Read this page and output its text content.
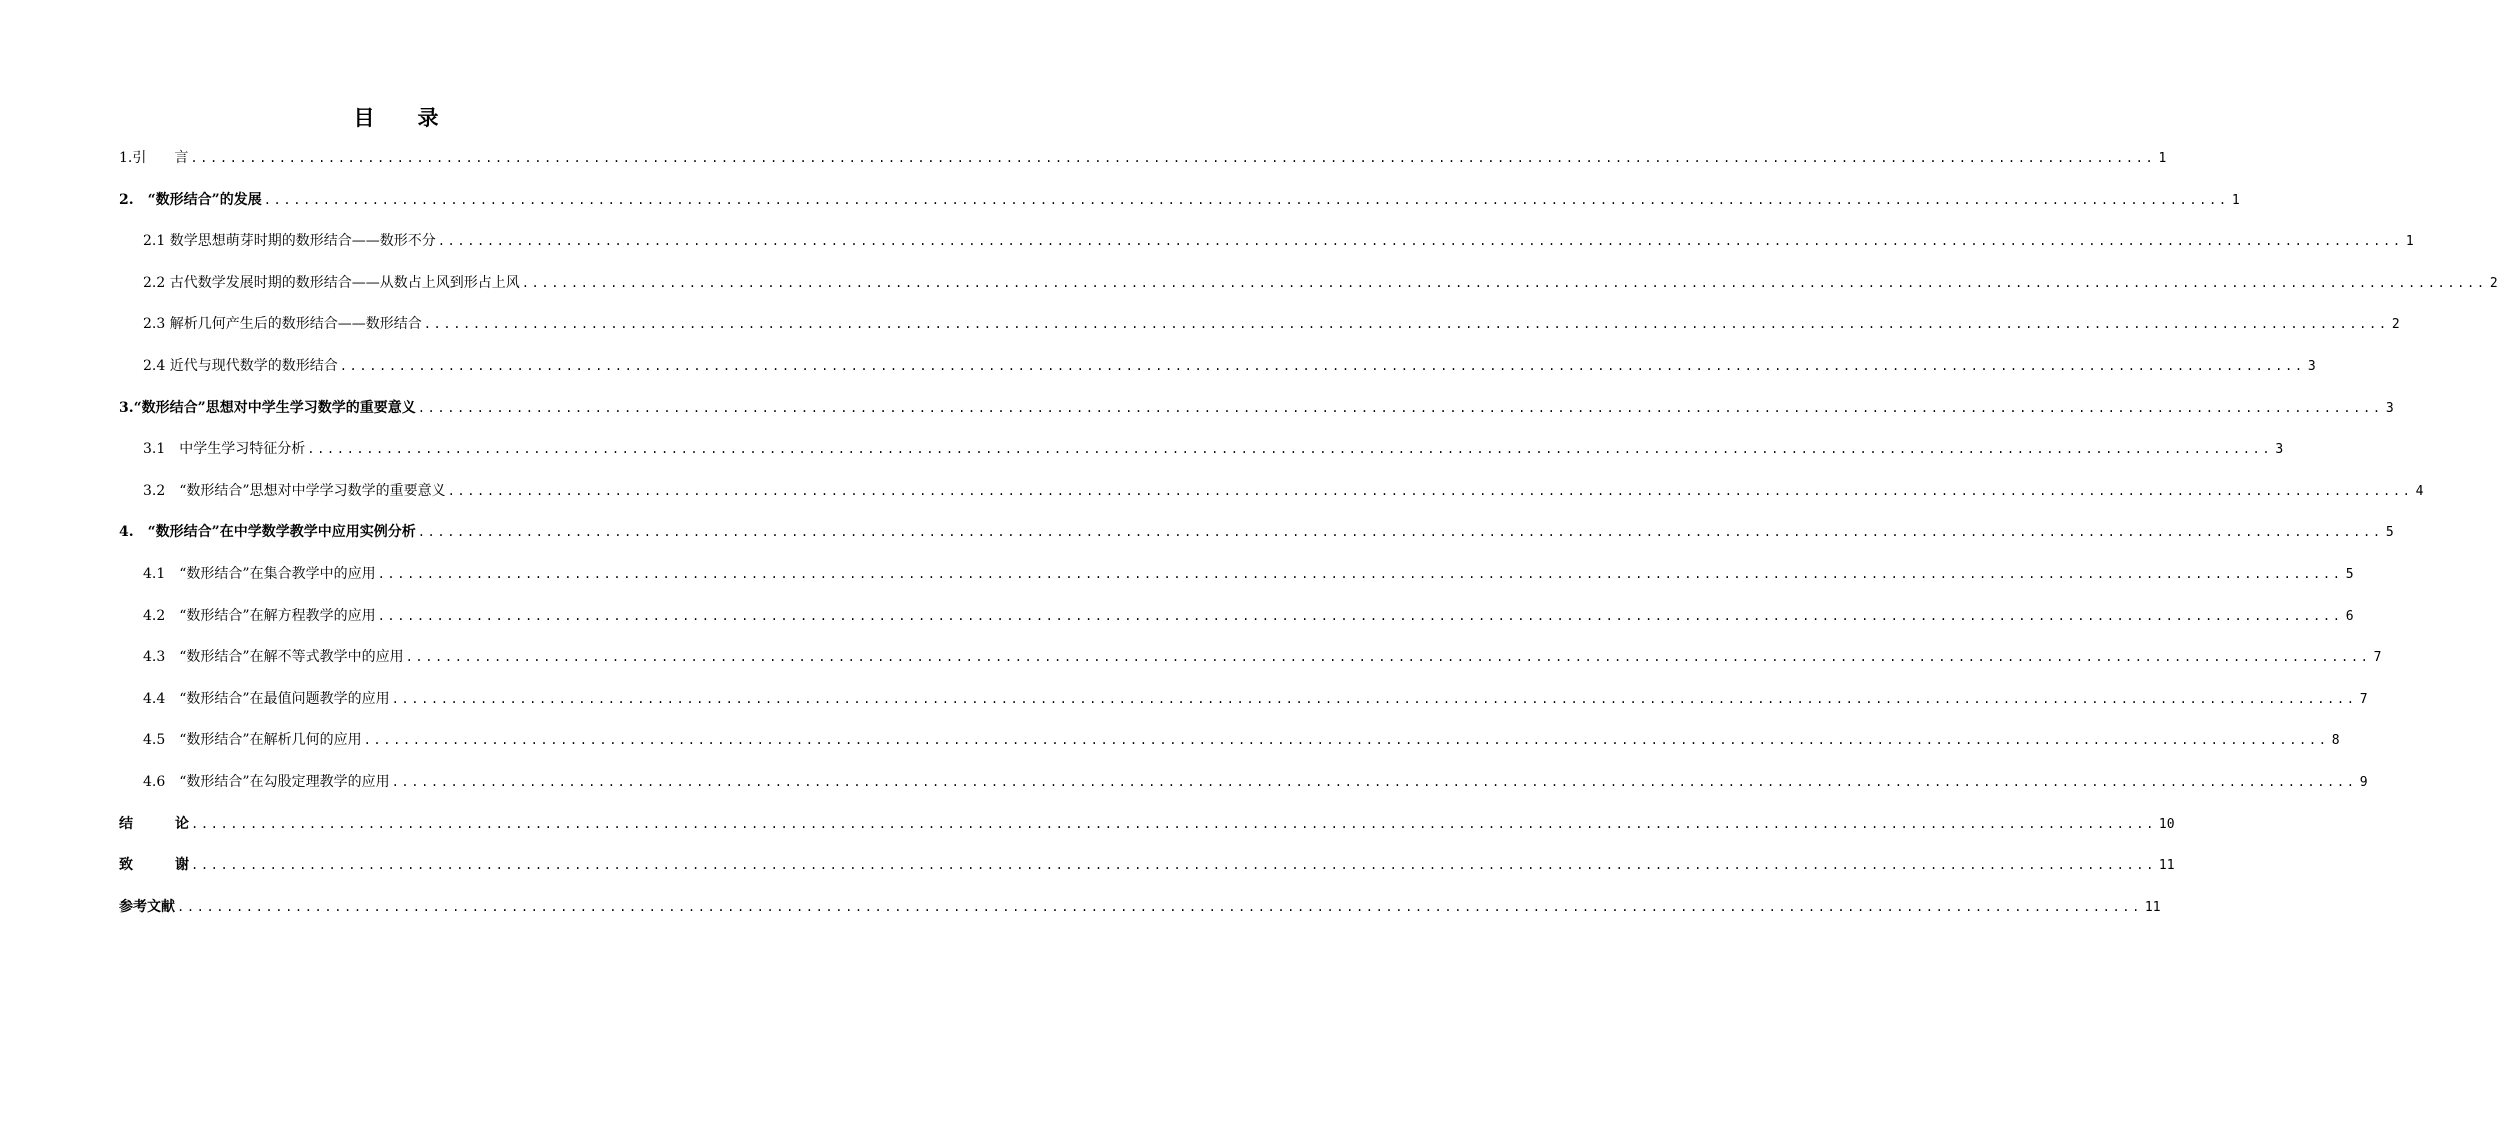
目 录
1.引　　言 ........................................................................................................................................................................................................ 1
2.　“数形结合”的发展 ........................................................................................................................................................................................................ 1
2.1 数学思想萌芽时期的数形结合——数形不分 ........................................................................................................................................................................................................ 1
2.2 古代数学发展时期的数形结合——从数占上风到形占上风 ........................................................................................................................................................................................................ 2
2.3 解析几何产生后的数形结合——数形结合 ........................................................................................................................................................................................................ 2
2.4 近代与现代数学的数形结合 ........................................................................................................................................................................................................ 3
3.“数形结合”思想对中学生学习数学的重要意义 ........................................................................................................................................................................................................ 3
3.1　中学生学习特征分析 ........................................................................................................................................................................................................ 3
3.2　“数形结合”思想对中学学习数学的重要意义 ........................................................................................................................................................................................................ 4
4.　“数形结合”在中学数学教学中应用实例分析 ........................................................................................................................................................................................................ 5
4.1　“数形结合”在集合教学中的应用 ........................................................................................................................................................................................................ 5
4.2　“数形结合”在解方程教学的应用 ........................................................................................................................................................................................................ 6
4.3　“数形结合”在解不等式教学中的应用 ........................................................................................................................................................................................................ 7
4.4　“数形结合”在最值问题教学的应用 ........................................................................................................................................................................................................ 7
4.5　“数形结合”在解析几何的应用 ........................................................................................................................................................................................................ 8
4.6　“数形结合”在勾股定理教学的应用 ........................................................................................................................................................................................................ 9
结　　　论 ........................................................................................................................................................................................................ 10
致　　　谢 ........................................................................................................................................................................................................ 11
参考文献 ........................................................................................................................................................................................................ 11
